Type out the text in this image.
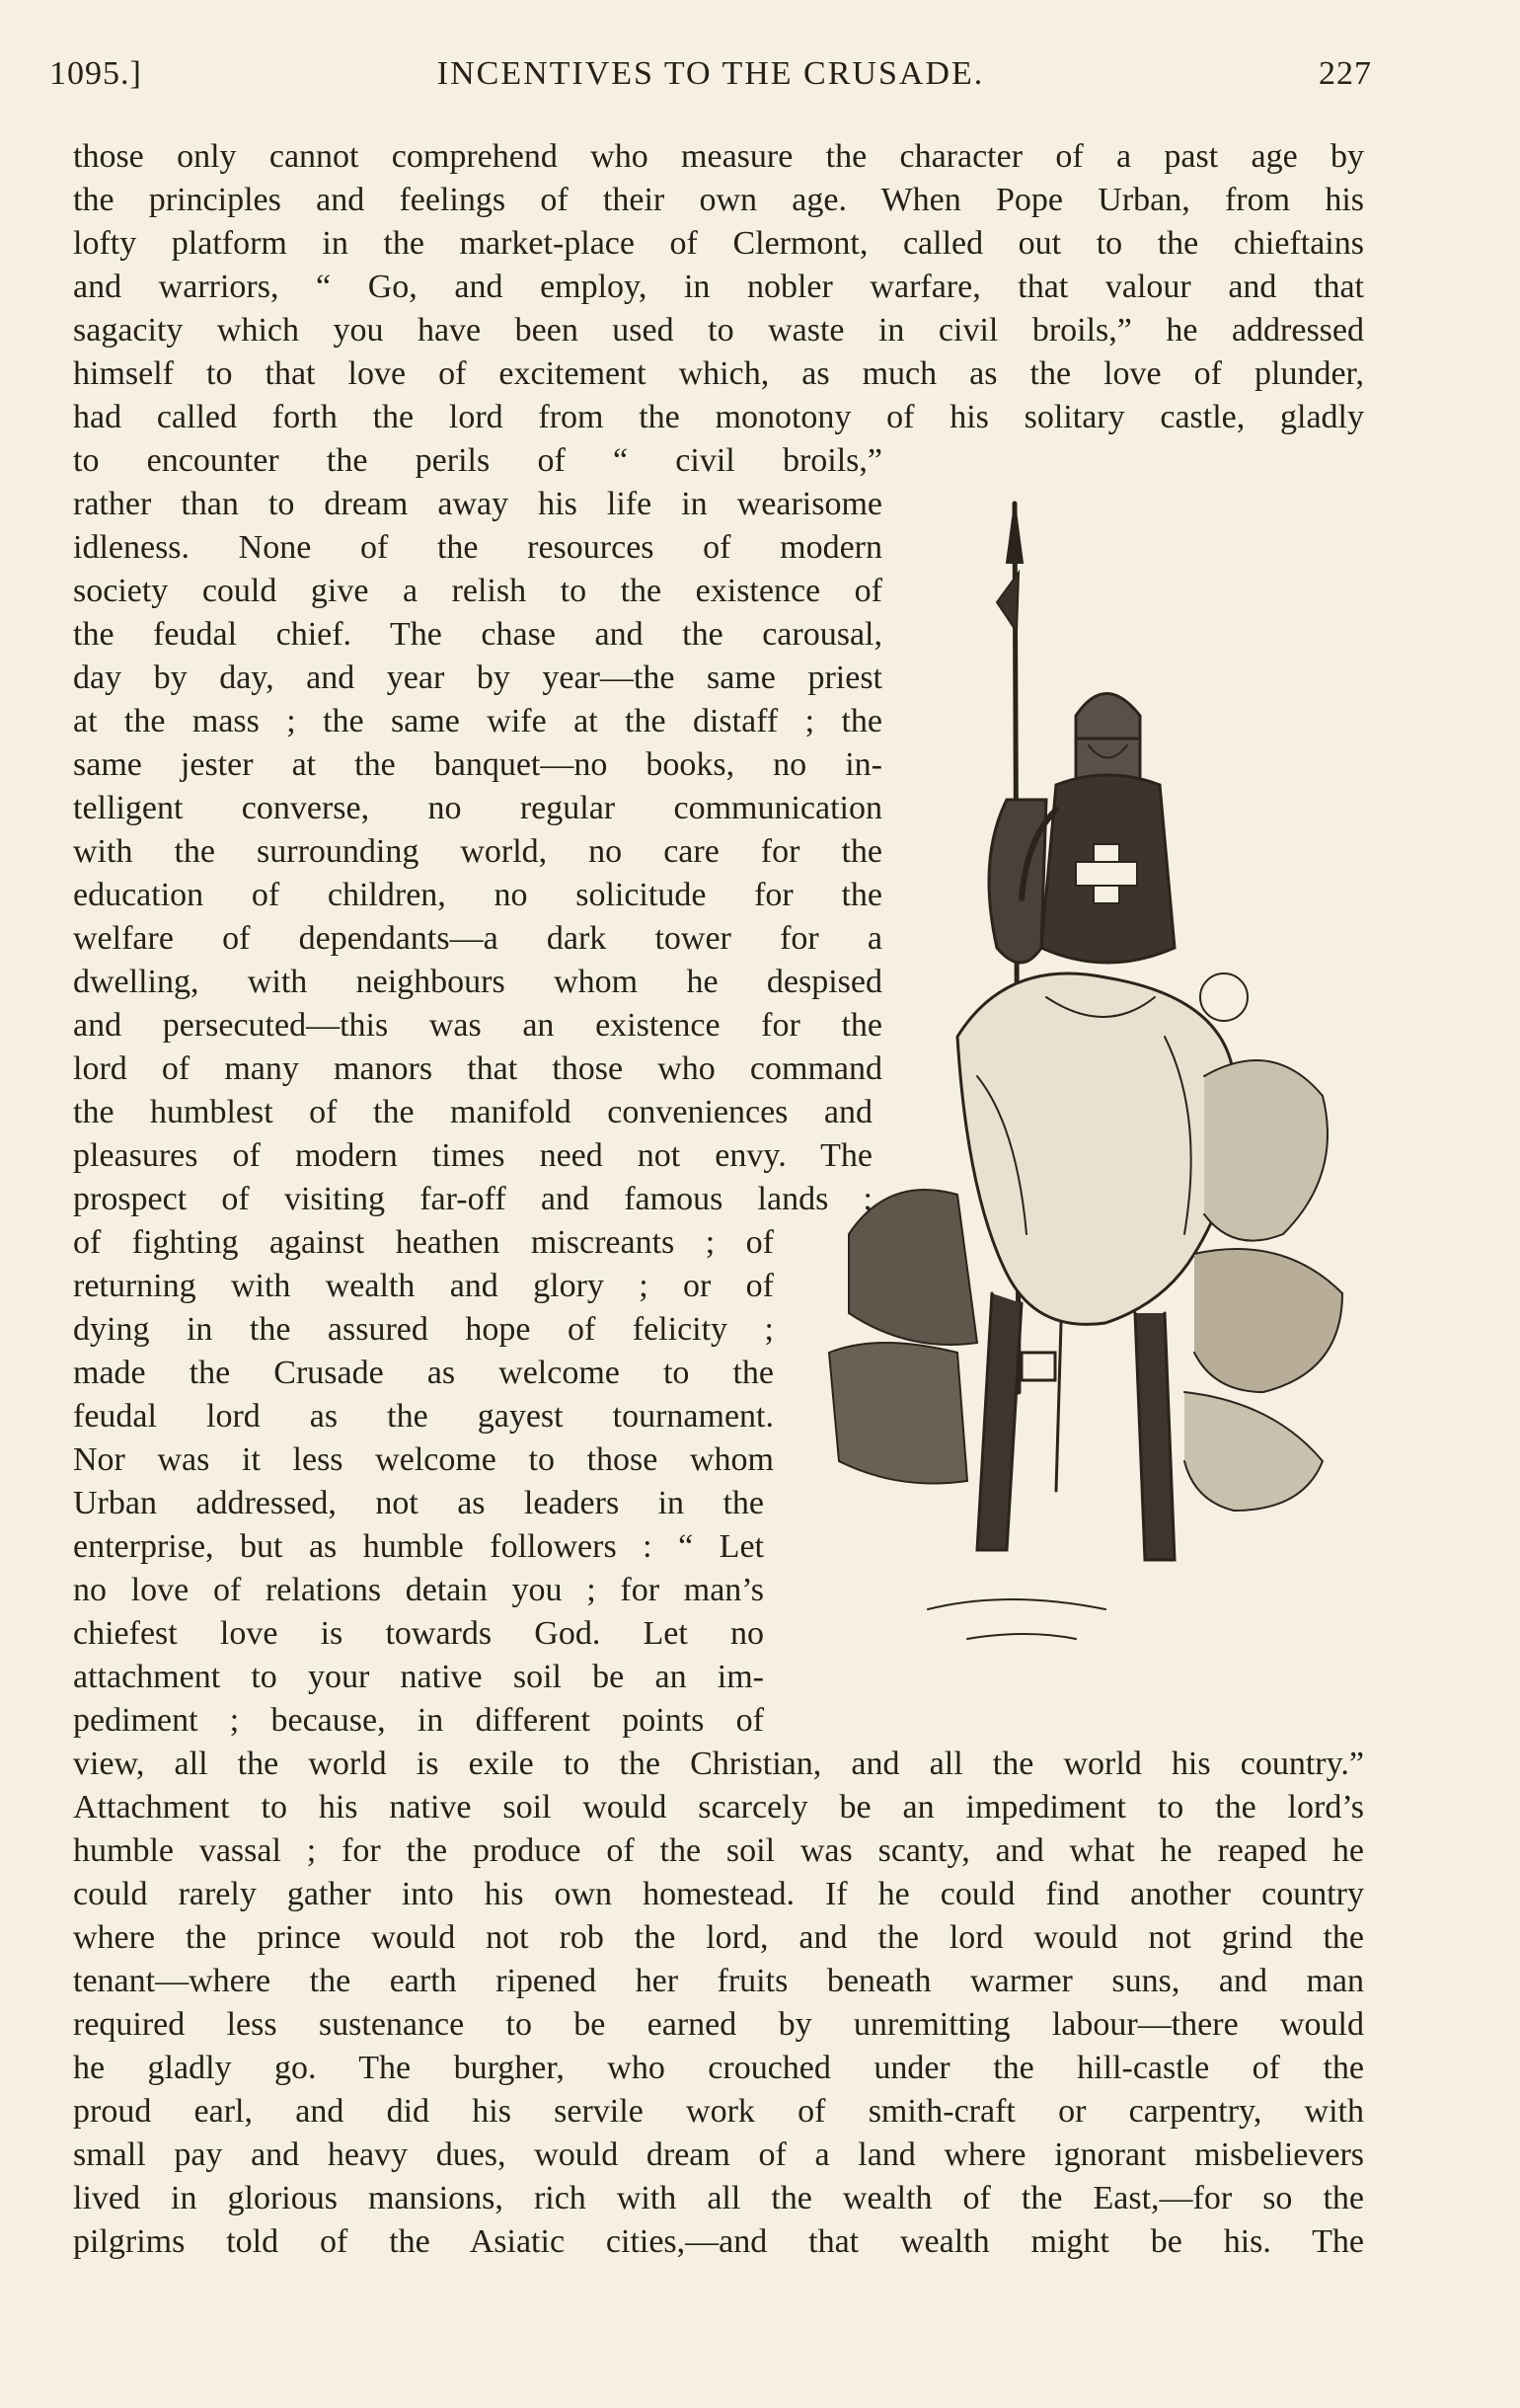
1095.]	INCENTIVES TO THE CRUSADE.	227
those only cannot comprehend who measure the character of a past age by
the principles and feelings of their own age. When Pope Urban, from his
lofty platform in the market-place of Clermont, called out to the chieftains
and warriors, “ Go, and employ, in nobler warfare, that valour and that
sagacity which you have been used to waste in civil broils,” he addressed
himself to that love of excitement which, as much as the love of plunder,
had called forth the lord from the monotony of his solitary castle, gladly
to encounter the perils of “ civil broils,”
rather than to dream away his life in wearisome
idleness. None of the resources of modern
society could give a relish to the existence of
the feudal chief. The chase and the carousal,
day by day, and year by year—the same priest
at the mass ; the same wife at the distaff ; the
same jester at the banquet—no books, no in-
telligent converse, no regular communication
with the surrounding world, no care for the
education of children, no solicitude for the
welfare of dependants—a dark tower for a
dwelling, with neighbours whom he despised
and persecuted—this was an existence for the
lord of many manors that those who command
the humblest of the manifold conveniences and
pleasures of modern times need not envy. The
prospect of visiting far-off and famous lands ;
of fighting against heathen miscreants ; of
returning with wealth and glory ; or of
dying in the assured hope of felicity ;
made the Crusade as welcome to the
feudal lord as the gayest tournament.
Nor was it less welcome to those whom
Urban addressed, not as leaders in the
enterprise, but as humble followers : “ Let
no love of relations detain you ; for man’s
chiefest love is towards God. Let no
attachment to your native soil be an im-
pediment ; because, in different points of
view, all the world is exile to the Christian, and all the world his country.”
Attachment to his native soil would scarcely be an impediment to the lord’s
humble vassal ; for the produce of the soil was scanty, and what he reaped he
could rarely gather into his own homestead. If he could find another country
where the prince would not rob the lord, and the lord would not grind the
tenant—where the earth ripened her fruits beneath warmer suns, and man
required less sustenance to be earned by unremitting labour—there would
he gladly go. The burgher, who crouched under the hill-castle of the
proud earl, and did his servile work of smith-craft or carpentry, with
small pay and heavy dues, would dream of a land where ignorant misbelievers
lived in glorious mansions, rich with all the wealth of the East,—for so the
pilgrims told of the Asiatic cities,—and that wealth might be his. The
